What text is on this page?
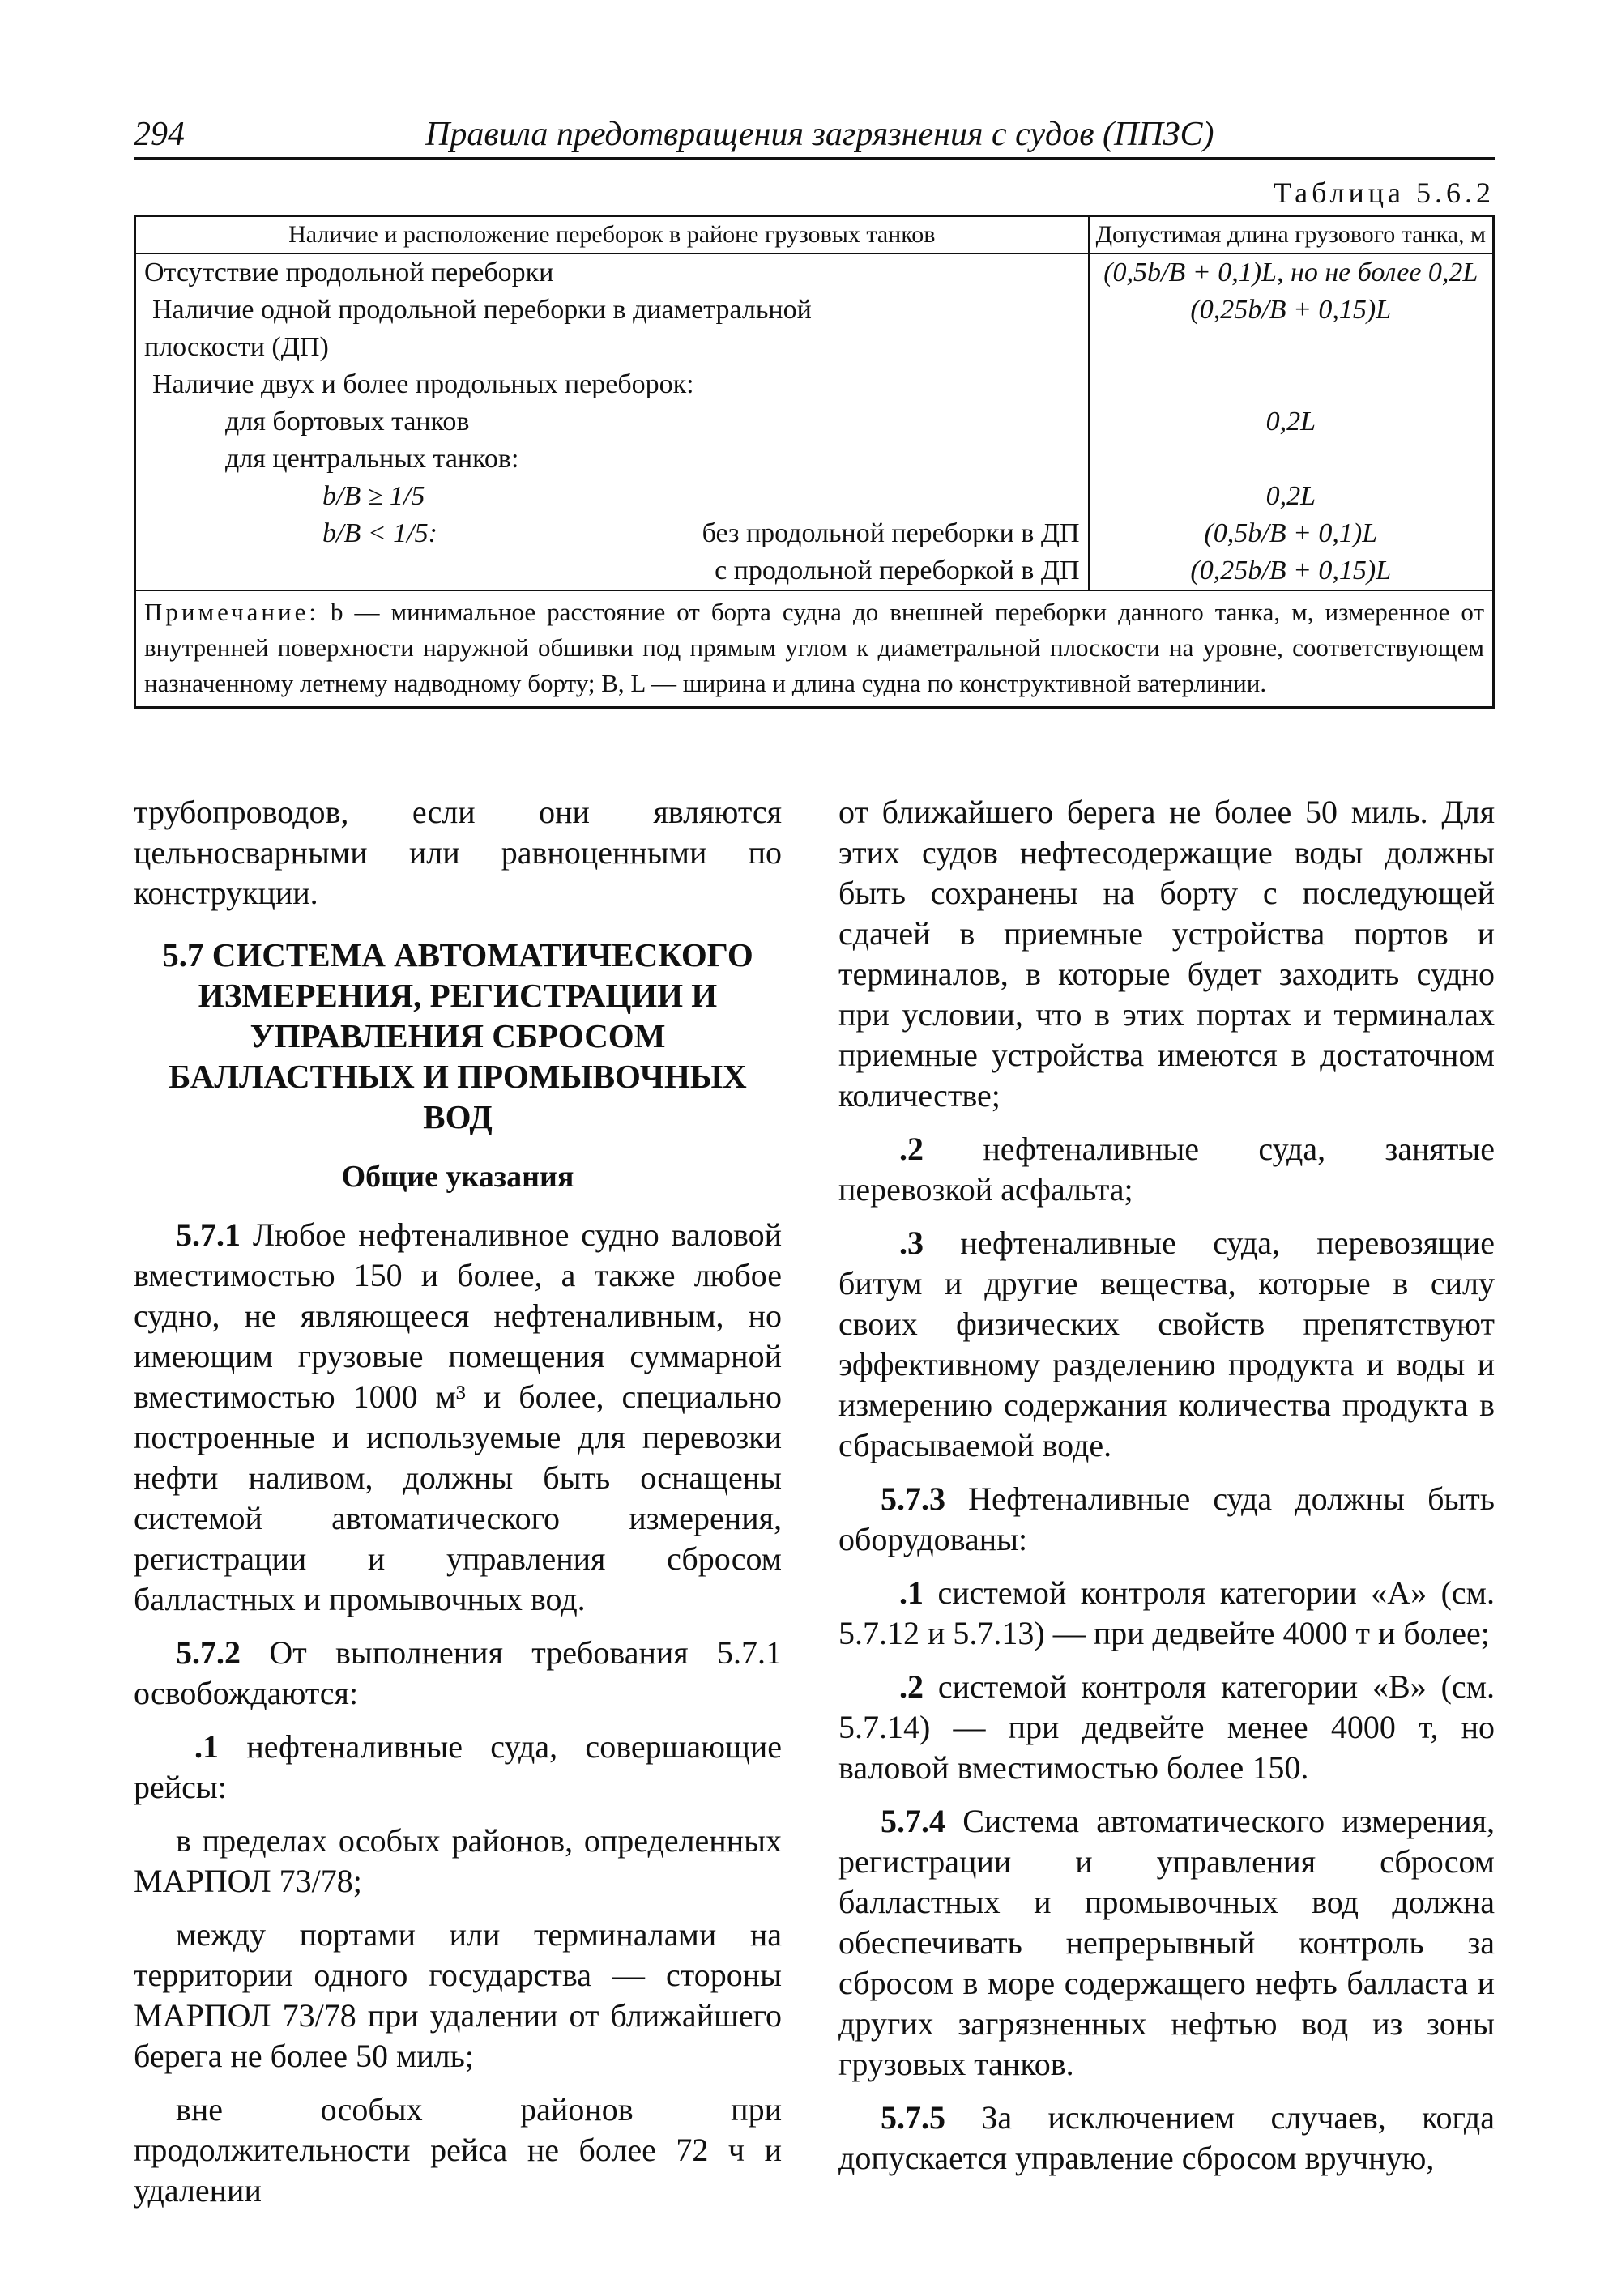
294	Правила предотвращения загрязнения с судов (ППЗС)
Таблица 5.6.2
Наличие и расположение переборок в районе грузовых танков	Допустимая длина грузового танка, м
Отсутствие продольной переборки	(0,5b/B + 0,1)L, но не более 0,2L
Наличие одной продольной переборки в диаметральной	(0,25b/B + 0,15)L
плоскости (ДП)	
Наличие двух и более продольных переборок:	
для бортовых танков	0,2L
для центральных танков:	
b/B ≥ 1/5	0,2L

b/B < 1/5: без продольной переборки в ДП	(0,5b/B + 0,1)L
с продольной переборкой в ДП	(0,25b/B + 0,15)L
Примечание: b — минимальное расстояние от борта судна до внешней переборки данного танка, м, измеренное от внутренней поверхности наружной обшивки под прямым углом к диаметральной плоскости на уровне, соответствующем назначенному летнему надводному борту; B, L — ширина и длина судна по конструктивной ватерлинии.	

трубопроводов, если они являются цельносварными или равноценными по конструкции.

5.7 СИСТЕМА АВТОМАТИЧЕСКОГО ИЗМЕРЕНИЯ, РЕГИСТРАЦИИ И УПРАВЛЕНИЯ СБРОСОМ БАЛЛАСТНЫХ И ПРОМЫВОЧНЫХ ВОД
Общие указания

5.7.1 Любое нефтеналивное судно валовой вместимостью 150 и более, а также любое судно, не являющееся нефтеналивным, но имеющим грузовые помещения суммарной вместимостью 1000 м³ и более, специально построенные и используемые для перевозки нефти наливом, должны быть оснащены системой автоматического измерения, регистрации и управления сбросом балластных и промывочных вод.

5.7.2 От выполнения требования 5.7.1 освобождаются:

.1 нефтеналивные суда, совершающие рейсы:

в пределах особых районов, определенных МАРПОЛ 73/78;

между портами или терминалами на территории одного государства — стороны МАРПОЛ 73/78 при удалении от ближайшего берега не более 50 миль;

вне особых районов при продолжительности рейса не более 72 ч и удалении

от ближайшего берега не более 50 миль. Для этих судов нефтесодержащие воды должны быть сохранены на борту с последующей сдачей в приемные устройства портов и терминалов, в которые будет заходить судно при условии, что в этих портах и терминалах приемные устройства имеются в достаточном количестве;

.2 нефтеналивные суда, занятые перевозкой асфальта;

.3 нефтеналивные суда, перевозящие битум и другие вещества, которые в силу своих физических свойств препятствуют эффективному разделению продукта и воды и измерению содержания количества продукта в сбрасываемой воде.

5.7.3 Нефтеналивные суда должны быть оборудованы:

.1 системой контроля категории «А» (см. 5.7.12 и 5.7.13) — при дедвейте 4000 т и более;

.2 системой контроля категории «В» (см. 5.7.14) — при дедвейте менее 4000 т, но валовой вместимостью более 150.

5.7.4 Система автоматического измерения, регистрации и управления сбросом балластных и промывочных вод должна обеспечивать непрерывный контроль за сбросом в море содержащего нефть балласта и других загрязненных нефтью вод из зоны грузовых танков.

5.7.5 За исключением случаев, когда допускается управление сбросом вручную,
